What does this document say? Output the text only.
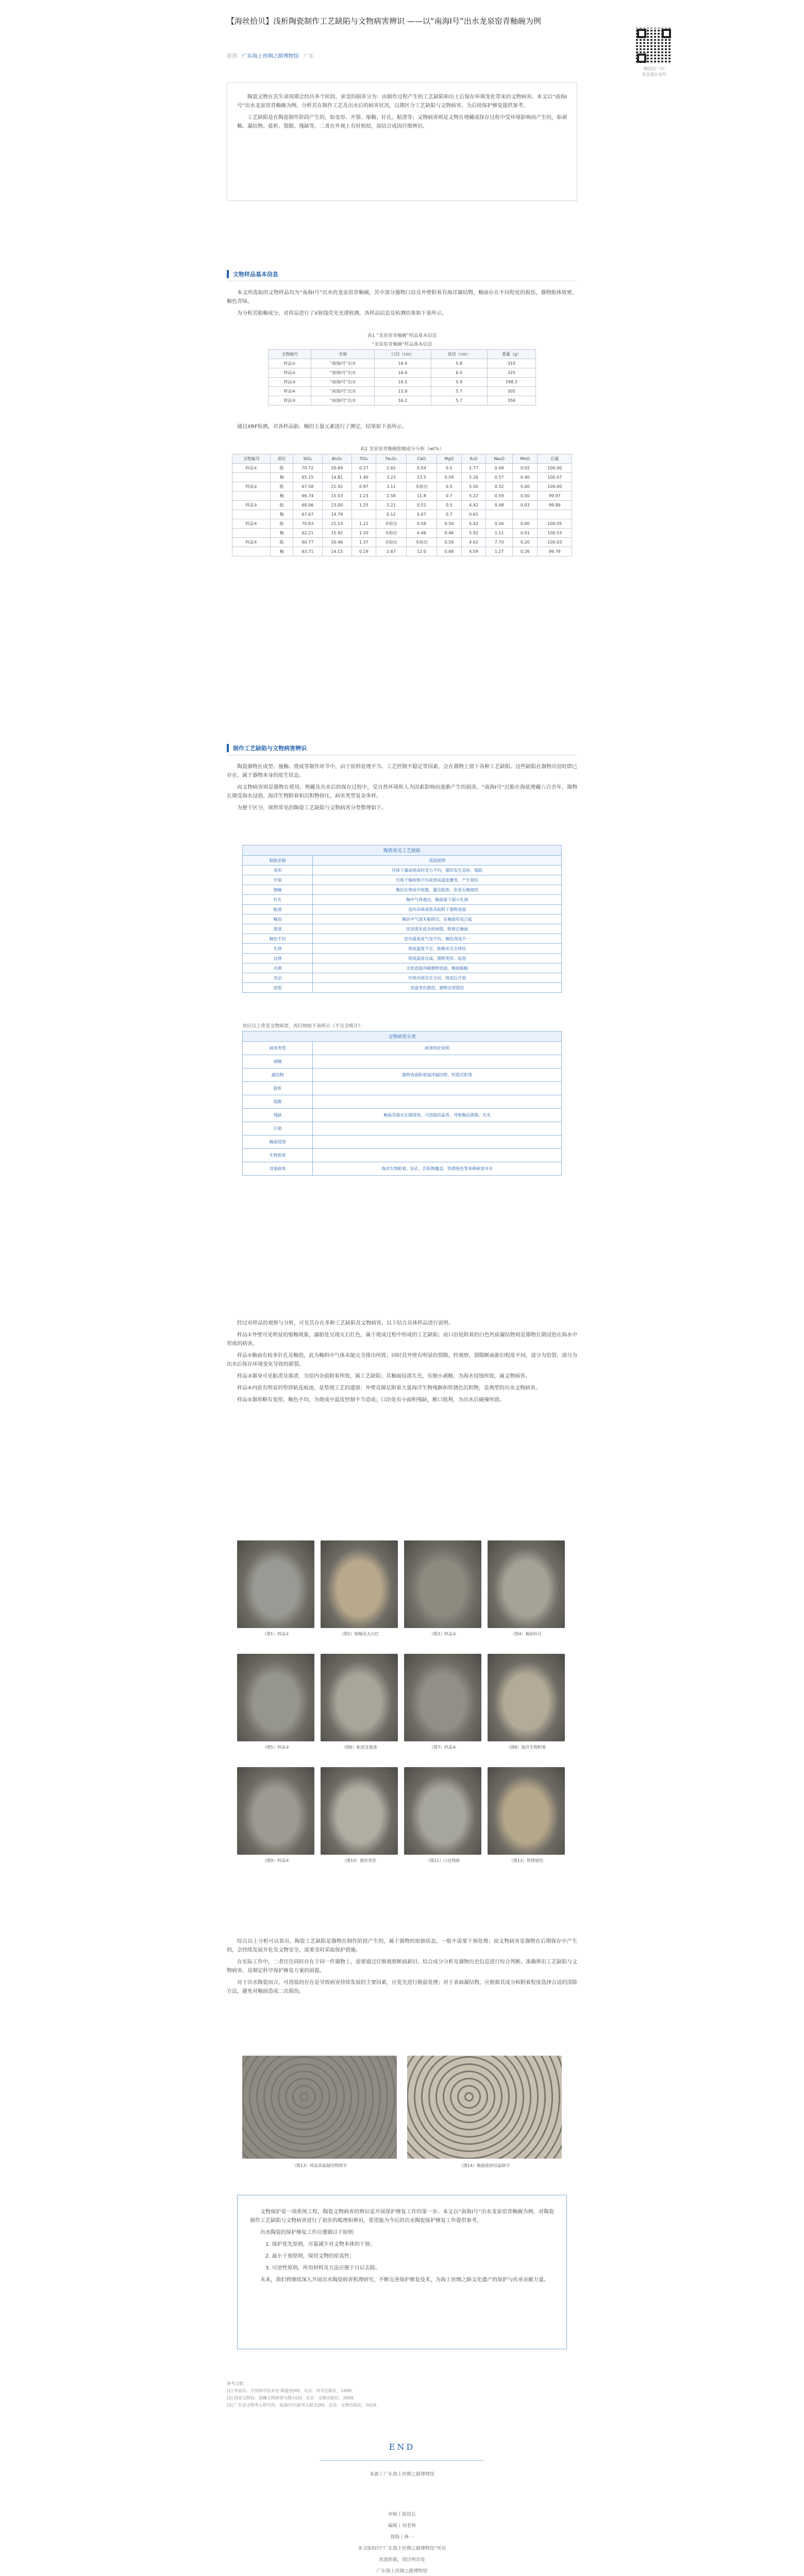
【海丝拾贝】浅析陶瓷制作工艺缺陷与文物病害辨识 ——以“南海Ⅰ号”出水龙泉窑青釉碗为例
原创 广东海上丝绸之路博物馆 广东
微信扫一扫
关注该公众号

陶瓷文物在其生命周期会经历多个阶段，承受的损害分为：由制作过程产生的工艺缺陷和出土后保存环境变化带来的文物病害。本文以“南海Ⅰ号”出水龙泉窑青釉碗为例，分析其在制作工艺及出水后的病害状况，以期区分工艺缺陷与文物病害，为后续保护修复提供参考。

工艺缺陷是在陶瓷制作阶段产生的，如变形、开裂、缩釉、针孔、粘渣等；文物病害则是文物在埋藏或保存过程中受环境影响而产生的，如剥釉、凝结物、盐析、裂隙、残缺等。二者在外观上有时相似，需结合成因仔细辨识。

文物样品基本信息

本文所选取的文物样品均为“南海Ⅰ号”出水的龙泉窑青釉碗，其中部分器物口沿及外壁附着有海洋凝结物，釉面存在不同程度的损伤，器物胎体致密，釉色青绿。

为分析其胎釉成分，对样品进行了X射线荧光光谱检测，各样品信息及检测结果如下表所示。

表1 “龙泉窑青釉碗”样品基本信息
“龙泉窑青釉碗”样品基本信息
文物编号	名称	口径（cm）	底径（cm）	重量（g）
样品①	“南海Ⅰ号”出水	16.4	5.8	310
样品②	“南海Ⅰ号”出水	16.0	6.0	325
样品③	“南海Ⅰ号”出水	16.5	5.9	298.3
样品④	“南海Ⅰ号”出水	15.8	5.7	305
样品⑤	“南海Ⅰ号”出水	16.2	5.7	356

通过XRF检测，对各样品胎、釉的主量元素进行了测定，结果如下表所示。

表2 龙泉窑青釉碗胎釉成分分析（wt%）
文物编号	部位	SiO₂	Al₂O₃	TiO₂	Fe₂O₃	CaO	MgO	K₂O	Na₂O	MnO	总量
样品①	胎	70.72	20.69	0.27	2.62	0.54	0.5	2.77	0.48	0.02	100.00
	釉	65.15	14.81	1.40	3.23	13.5	0.59	5.26	0.57	0.40	100.07
样品②	胎	67.58	21.92	0.97	3.11	未检出	0.5	5.50	0.52	0.00	100.00
	釉	66.74	15.53	1.23	2.58	11.8	0.7	5.22	0.59	0.50	99.97
样品③	胎	68.06	23.00	1.25	3.21	0.51	0.5	4.42	0.48	0.03	99.89
	釉	67.67	14.79		0.12	0.67	0.7	0.61			
样品④	胎	70.63	21.53	1.21	未检出	0.58	0.50	5.42	0.56	0.00	100.05
	釉	62.21	15.92	1.20	未检出	0.46	0.46	5.92	1.11	0.01	100.53
样品⑤	胎	60.77	20.46	1.37	未检出	未检出	0.59	4.62	7.70	0.20	100.03
	釉	63.71	14.15	0.19	2.67	12.0	0.68	4.59	1.27	0.26	99.78
制作工艺缺陷与文物病害辨识

陶瓷器物在成型、施釉、烧成等制作环节中，由于原料处理不当、工艺控制不稳定等因素，会在器物上留下各种工艺缺陷。这些缺陷在器物出窑时即已存在，属于器物本身的原生状态。

而文物病害则是器物在使用、埋藏及出水后的保存过程中，受自然环境和人为因素影响而逐渐产生的损害。“南海Ⅰ号”沉船在海底埋藏八百余年，器物长期受海水浸泡、海洋生物附着和沉积物挤压，病害类型复杂多样。

为便于区分，现将常见的陶瓷工艺缺陷与文物病害分类整理如下。

陶瓷常见工艺缺陷	
缺陷名称	成因说明
变形	坯体干燥或烧成时受力不均，器形发生歪斜、塌陷
开裂	坯体干燥收缩不均或烧成温度骤变，产生裂纹
缩釉	釉层在烧成中收缩，露出胎体，形成无釉斑块
针孔	釉中气体逸出，釉面留下细小孔洞
粘渣	窑内杂质或垫具粘附于器物表面
釉泡	釉层中气泡未能排出，在釉面形成凸起
落渣	窑顶落灰或杂质掉落，附着在釉面
釉色不均	窑内温度或气氛不均，釉色深浅不一
生烧	烧成温度不足，胎釉未完全烧结
过烧	烧成温度过高，器物变形、起泡
火刺	火焰直接冲刷器物表面，釉面粗糙
夹层	坯体内部存在分层，烧成后开裂
窑裂	窑温变化剧烈，器物出现裂纹
对应以上常见文物病害，再归纳如下表所示（不完全统计）：
文物病害分类	
病害类型	病害特征说明
剥釉	
凝结物	器物表面附着海洋凝结物、钙质沉积等
盐析	
裂隙	
残缺	釉面受海水长期侵蚀、可溶盐结晶等，导致釉层剥落、失光
污染	
釉面侵蚀	
生物损害	
其他病害	海洋生物附着、钻孔、沉积物覆盖、铁锈染色等多种病害并存

经过对样品的观察与分析，可见其存在多种工艺缺陷及文物病害。以下结合具体样品进行说明。

样品①外壁可见明显的缩釉现象，露胎处呈现火石红色，属于烧成过程中形成的工艺缺陷；而口沿处附着的白色钙质凝结物则是器物长期浸泡在海水中形成的病害。

样品②釉面有较多针孔及釉泡，此为釉料中气体未能完全排出所致；同时其外壁有明显的裂隙，经观察，裂隙断面新旧程度不同，部分为窑裂，部分为出水后保存环境变化导致的新裂。

样品③器身可见粘渣及落渣，为窑内杂质附着所致，属工艺缺陷；其釉面局部失光，有细小剥釉，为海水侵蚀所致，属文物病害。

样品④内底有明显的垫饼粘连痕迹，是垫烧工艺的遗留；外壁及圈足附着大量海洋生物残骸和铁锈色沉积物，是典型的出水文物病害。

样品⑤器形略有变形，釉色不均，为烧成中温度控制不当造成；口沿处有小面积残缺，断口锐利，为出水后碰撞所致。

（图1）样品①	（图2）缩釉及火石红	（图3）样品②	（图4）釉面针孔
（图5）样品③	（图6）粘渣及落渣	（图7）样品④	（图8）海洋生物附着
（图9）样品⑤	（图10）器形变形	（图11）口沿残缺	（图12）铁锈染色

综合以上分析可以看出，陶瓷工艺缺陷是器物在制作阶段产生的，属于器物的原始状态，一般不需要干预处理；而文物病害是器物在后期保存中产生的，会持续发展并危及文物安全，需要及时采取保护措施。

在实际工作中，二者往往同时存在于同一件器物上，需要通过仔细观察断面新旧、结合成分分析及器物历史信息进行综合判断。准确辨识工艺缺陷与文物病害，是制定科学保护修复方案的前提。

对于出水陶瓷而言，可溶盐的存在是导致病害持续发展的主要因素，应优先进行脱盐处理；对于表面凝结物，应根据其成分和附着程度选择合适的清除方法，避免对釉面造成二次损伤。

（图13）样品表面凝结物细节	（图14）釉面盐析结晶细节

文物保护是一项系统工程，陶瓷文物病害的辨识是开展保护修复工作的第一步。本文以“南海Ⅰ号”出水龙泉窑青釉碗为例，对陶瓷制作工艺缺陷与文物病害进行了初步的梳理和辨识，希望能为今后的出水陶瓷保护修复工作提供参考。

出水陶瓷的保护修复工作应遵循以下原则：

1. 保护优先原则，尽量减少对文物本体的干预；

2. 最小干预原则，保持文物的原真性；

3. 可逆性原则，所用材料及方法应便于日后去除。

未来，我们将继续深入开展出水陶瓷病害机理研究，不断完善保护修复技术，为海上丝绸之路文化遗产的保护与传承贡献力量。

参考文献：
[1] 李家治．中国科学技术史·陶瓷卷[M]．北京：科学出版社，1998．
[2] 国家文物局．馆藏文物病害与图示[S]．北京：文物出版社，2008．
[3] 广东省文物考古研究所．南海Ⅰ号沉船考古报告[M]．北京：文物出版社，2018．
END
来源丨广东海上丝绸之路博物馆
审核丨陈馆长
编辑丨刘老师
排版丨林一
本文版权归“广东海上丝绸之路博物馆”所有
欢迎转载，请注明出处
广东海上丝绸之路博物馆
